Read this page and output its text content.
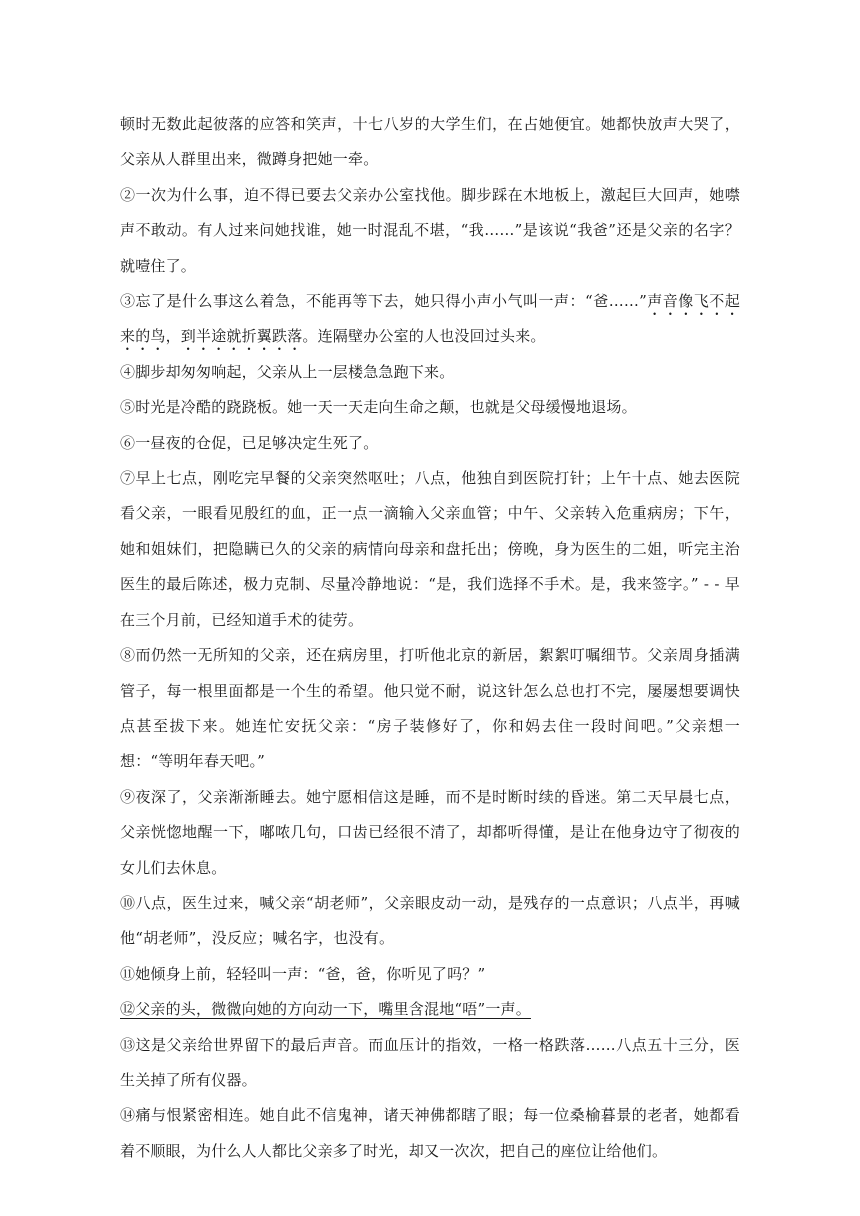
顿时无数此起彼落的应答和笑声，十七八岁的大学生们，在占她便宜。她都快放声大哭了，父亲从人群里出来，微蹲身把她一牵。

②一次为什么事，迫不得已要去父亲办公室找他。脚步踩在木地板上，激起巨大回声，她噤声不敢动。有人过来问她找谁，她一时混乱不堪，“我……”是该说“我爸”还是父亲的名字？就噎住了。

③忘了是什么事这么着急，不能再等下去，她只得小声小气叫一声：“爸……”声音像飞不起来的鸟，到半途就折翼跌落。连隔壁办公室的人也没回过头来。

④脚步却匆匆响起，父亲从上一层楼急急跑下来。

⑤时光是冷酷的跷跷板。她一天一天走向生命之颠，也就是父母缓慢地退场。

⑥一昼夜的仓促，已足够决定生死了。

⑦早上七点，刚吃完早餐的父亲突然呕吐；八点，他独自到医院打针；上午十点、她去医院看父亲，一眼看见殷红的血，正一点一滴输入父亲血管；中午、父亲转入危重病房；下午，她和姐妹们，把隐瞒已久的父亲的病情向母亲和盘托出；傍晚，身为医生的二姐，听完主治医生的最后陈述，极力克制、尽量冷静地说：“是，我们选择不手术。是，我来签字。” - - 早在三个月前，已经知道手术的徒劳。

⑧而仍然一无所知的父亲，还在病房里，打听他北京的新居，絮絮叮嘱细节。父亲周身插满管子，每一根里面都是一个生的希望。他只觉不耐，说这针怎么总也打不完，屡屡想要调快点甚至拔下来。她连忙安抚父亲：“房子装修好了，你和妈去住一段时间吧。”父亲想一想：“等明年春天吧。”

⑨夜深了，父亲渐渐睡去。她宁愿相信这是睡，而不是时断时续的昏迷。第二天早晨七点，父亲恍惚地醒一下，嘟哝几句，口齿已经很不清了，却都听得懂，是让在他身边守了彻夜的女儿们去休息。

⑩八点，医生过来，喊父亲“胡老师”，父亲眼皮动一动，是残存的一点意识；八点半，再喊他“胡老师”，没反应；喊名字，也没有。

⑪她倾身上前，轻轻叫一声：“爸，爸，你听见了吗？”

⑫父亲的头，微微向她的方向动一下，嘴里含混地“唔”一声。

⑬这是父亲给世界留下的最后声音。而血压计的指效，一格一格跌落……八点五十三分，医生关掉了所有仪器。

⑭痛与恨紧密相连。她自此不信鬼神，诸天神佛都瞎了眼；每一位桑榆暮景的老者，她都看着不顺眼，为什么人人都比父亲多了时光，却又一次次，把自己的座位让给他们。
